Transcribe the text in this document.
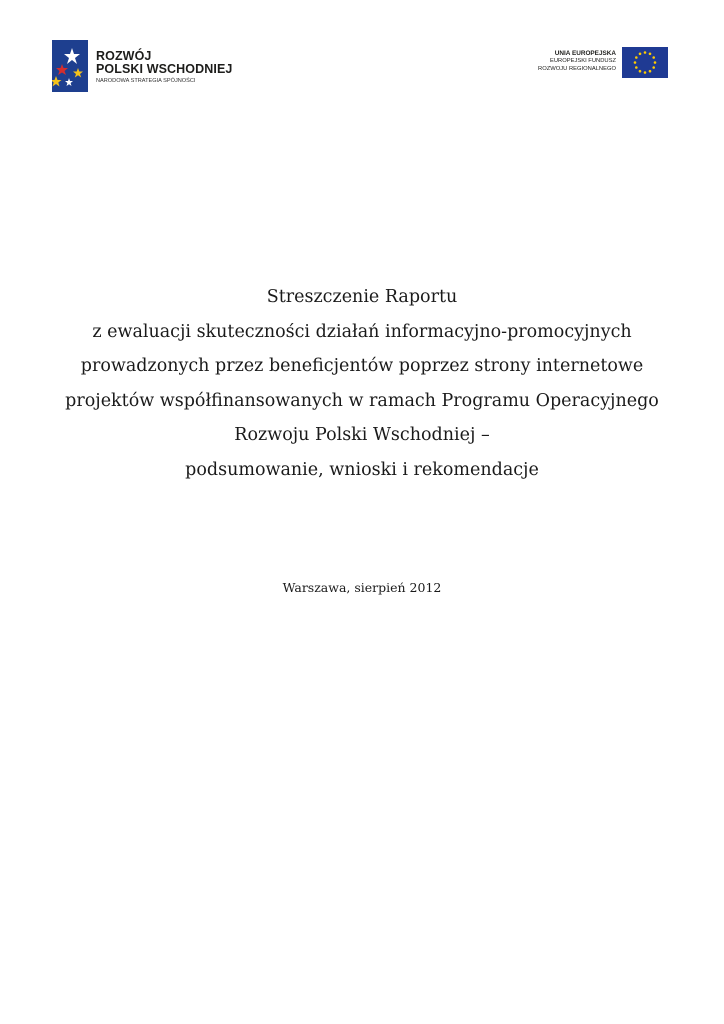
ROZWÓJ
POLSKI WSCHODNIEJ
NARODOWA STRATEGIA SPÓJNOŚCI
UNIA EUROPEJSKA
EUROPEJSKI FUNDUSZ
ROZWOJU REGIONALNEGO
Streszczenie Raportu
z ewaluacji skuteczności działań informacyjno-promocyjnych
prowadzonych przez beneficjentów poprzez strony internetowe
projektów współfinansowanych w ramach Programu Operacyjnego
Rozwoju Polski Wschodniej –
podsumowanie, wnioski i rekomendacje
Warszawa, sierpień 2012
